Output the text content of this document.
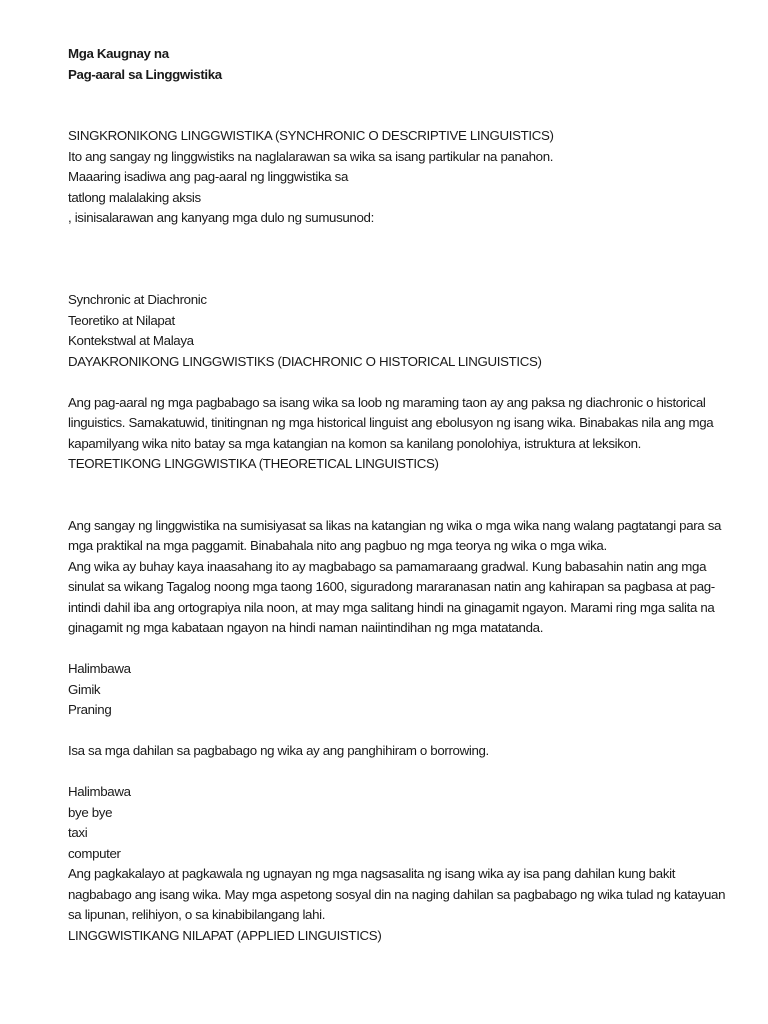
Mga Kaugnay na
Pag-aaral sa Linggwistika
SINGKRONIKONG LINGGWISTIKA (SYNCHRONIC O DESCRIPTIVE LINGUISTICS)
Ito ang sangay ng linggwistiks na naglalarawan sa wika sa isang partikular na panahon.
Maaaring isadiwa ang pag-aaral ng linggwistika sa
tatlong malalaking aksis
, isinisalarawan ang kanyang mga dulo ng sumusunod:
Synchronic at Diachronic
Teoretiko at Nilapat
Kontekstwal at Malaya
DAYAKRONIKONG LINGGWISTIKS (DIACHRONIC O HISTORICAL LINGUISTICS)
Ang pag-aaral ng mga pagbabago sa isang wika sa loob ng maraming taon ay ang paksa ng diachronic o historical linguistics. Samakatuwid, tinitingnan ng mga historical linguist ang ebolusyon ng isang wika. Binabakas nila ang mga kapamilyang wika nito batay sa mga katangian na komon sa kanilang ponolohiya, istruktura at leksikon.
TEORETIKONG LINGGWISTIKA (THEORETICAL LINGUISTICS)
Ang sangay ng linggwistika na sumisiyasat sa likas na katangian ng wika o mga wika nang walang pagtatangi para sa mga praktikal na mga paggamit. Binabahala nito ang pagbuo ng mga teorya ng wika o mga wika.
Ang wika ay buhay kaya inaasahang ito ay magbabago sa pamamaraang gradwal. Kung babasahin natin ang mga sinulat sa wikang Tagalog noong mga taong 1600, siguradong mararanasan natin ang kahirapan sa pagbasa at pag-intindi dahil iba ang ortograpiya nila noon, at may mga salitang hindi na ginagamit ngayon. Marami ring mga salita na ginagamit ng mga kabataan ngayon na hindi naman naiintindihan ng mga matatanda.
Halimbawa
Gimik
Praning
Isa sa mga dahilan sa pagbabago ng wika ay ang panghihiram o borrowing.
Halimbawa
bye bye
taxi
computer
Ang pagkakalayo at pagkawala ng ugnayan ng mga nagsasalita ng isang wika ay isa pang dahilan kung bakit nagbabago ang isang wika. May mga aspetong sosyal din na naging dahilan sa pagbabago ng wika tulad ng katayuan sa lipunan, relihiyon, o sa kinabibilangang lahi.
LINGGWISTIKANG NILAPAT (APPLIED LINGUISTICS)
